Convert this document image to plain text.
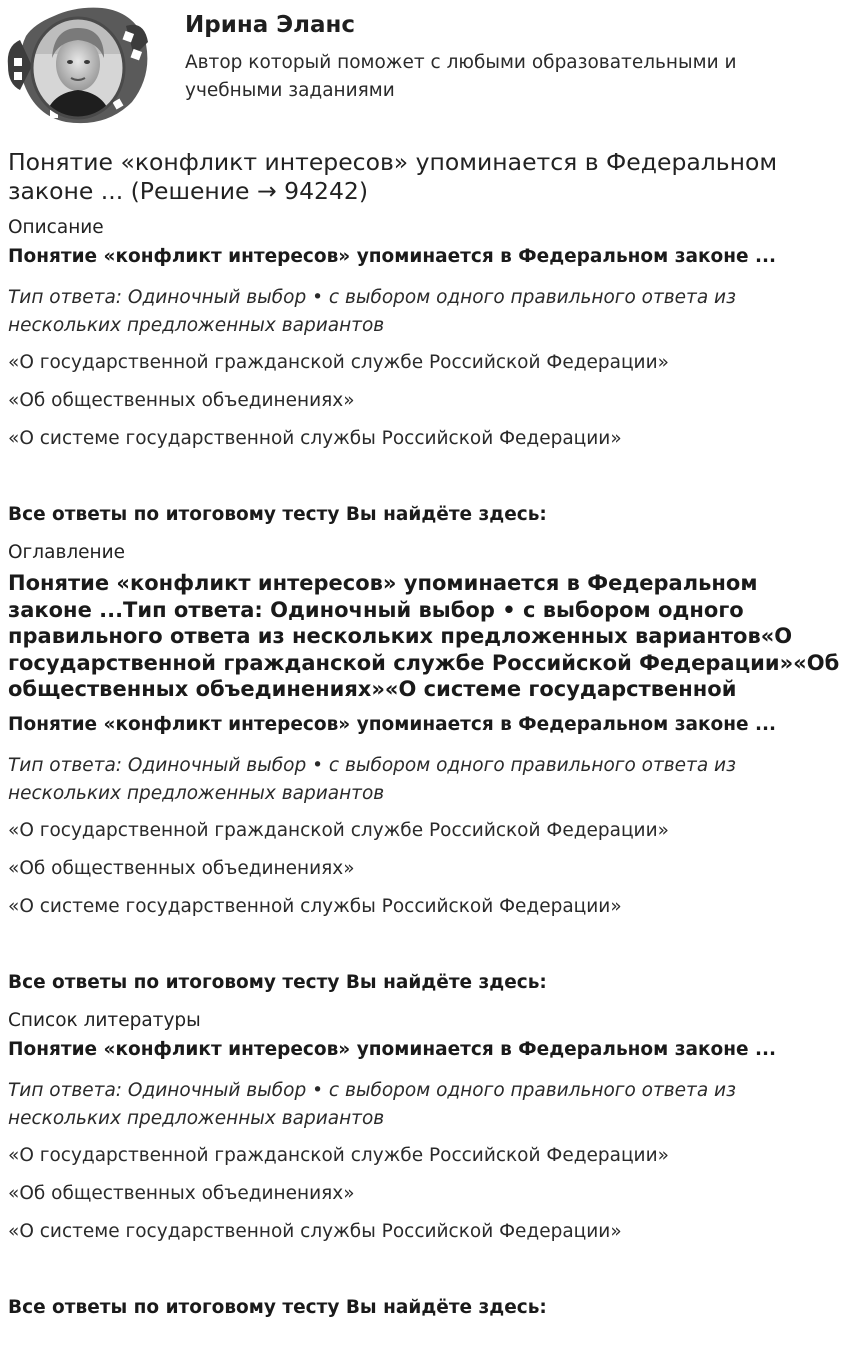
Ирина Эланс
Автор который поможет с любыми образовательными и учебными заданиями
Понятие «конфликт интересов» упоминается в Федеральном законе ... (Решение → 94242)
Описание
Понятие «конфликт интересов» упоминается в Федеральном законе ...
Тип ответа: Одиночный выбор • с выбором одного правильного ответа из нескольких предложенных вариантов
«О государственной гражданской службе Российской Федерации»
«Об общественных объединениях»
«О системе государственной службы Российской Федерации»
Все ответы по итоговому тесту Вы найдёте здесь:
Оглавление
Понятие «конфликт интересов» упоминается в Федеральном законе ...Тип ответа: Одиночный выбор • с выбором одного правильного ответа из нескольких предложенных вариантов«О государственной гражданской службе Российской Федерации»«Об общественных объединениях»«О системе государственной
Понятие «конфликт интересов» упоминается в Федеральном законе ...
Тип ответа: Одиночный выбор • с выбором одного правильного ответа из нескольких предложенных вариантов
«О государственной гражданской службе Российской Федерации»
«Об общественных объединениях»
«О системе государственной службы Российской Федерации»
Все ответы по итоговому тесту Вы найдёте здесь:
Список литературы
Понятие «конфликт интересов» упоминается в Федеральном законе ...
Тип ответа: Одиночный выбор • с выбором одного правильного ответа из нескольких предложенных вариантов
«О государственной гражданской службе Российской Федерации»
«Об общественных объединениях»
«О системе государственной службы Российской Федерации»
Все ответы по итоговому тесту Вы найдёте здесь:
